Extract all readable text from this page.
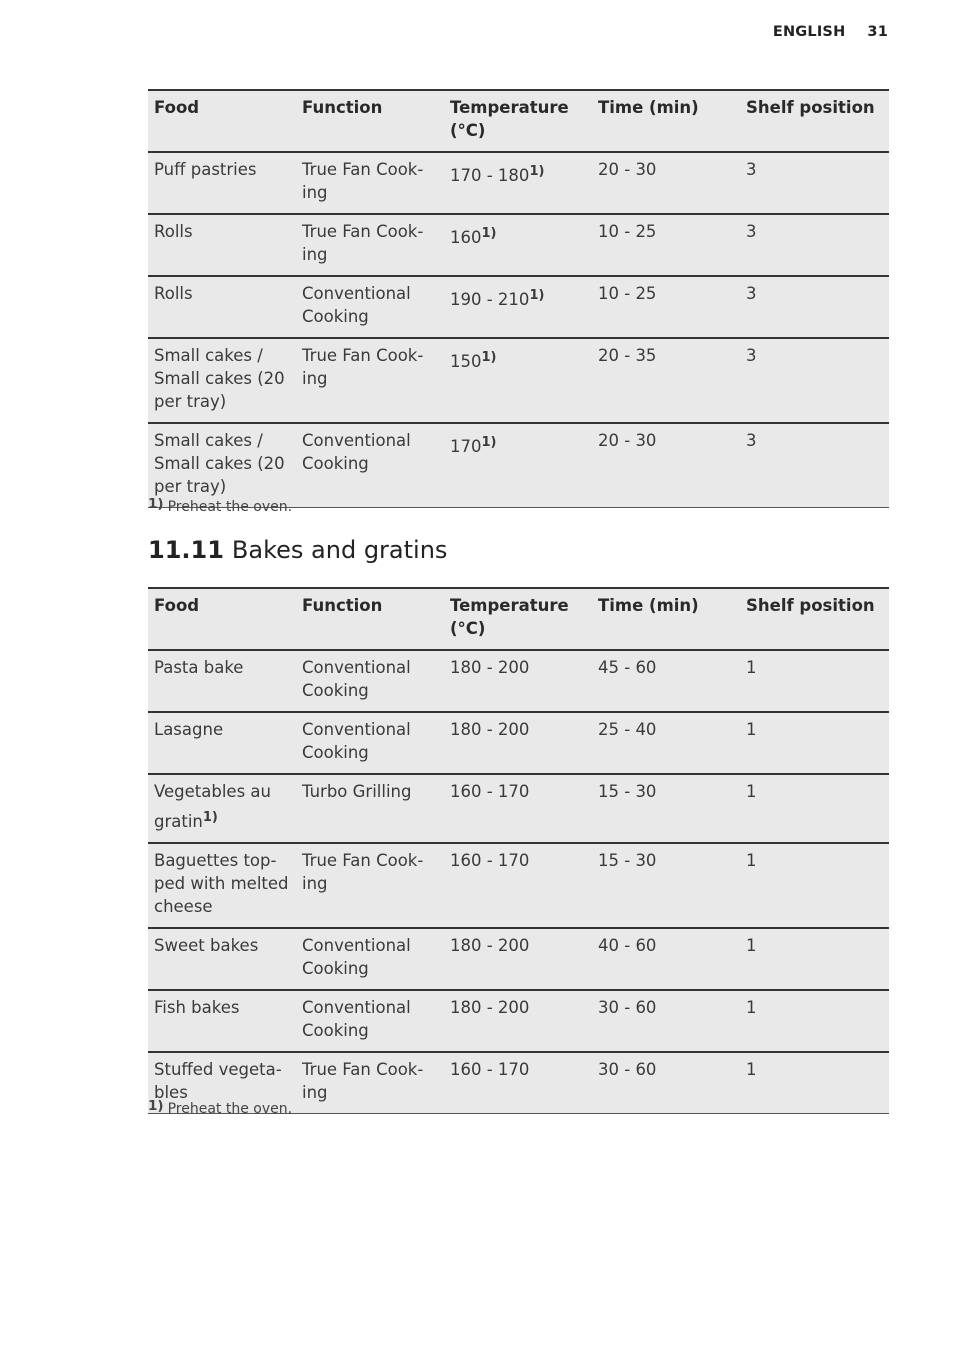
ENGLISH 31
Food	Function	Temperature (°C)	Time (min)	Shelf position
Puff pastries	True Fan Cook-ing	170 - 180$^{1)}$	20 - 30	3
Rolls	True Fan Cook-ing	160$^{1)}$	10 - 25	3
Rolls	Conventional Cooking	190 - 210$^{1)}$	10 - 25	3
Small cakes / Small cakes (20 per tray)	True Fan Cook-ing	150$^{1)}$	20 - 35	3
Small cakes / Small cakes (20 per tray)	Conventional Cooking	170$^{1)}$	20 - 30	3
1) Preheat the oven.
11.11 Bakes and gratins
Food	Function	Temperature (°C)	Time (min)	Shelf position
Pasta bake	Conventional Cooking	180 - 200	45 - 60	1
Lasagne	Conventional Cooking	180 - 200	25 - 40	1
Vegetables au gratin$^{1)}$	Turbo Grilling	160 - 170	15 - 30	1
Baguettes top-ped with melted cheese	True Fan Cook-ing	160 - 170	15 - 30	1
Sweet bakes	Conventional Cooking	180 - 200	40 - 60	1
Fish bakes	Conventional Cooking	180 - 200	30 - 60	1
Stuffed vegeta-bles	True Fan Cook-ing	160 - 170	30 - 60	1
1) Preheat the oven.
